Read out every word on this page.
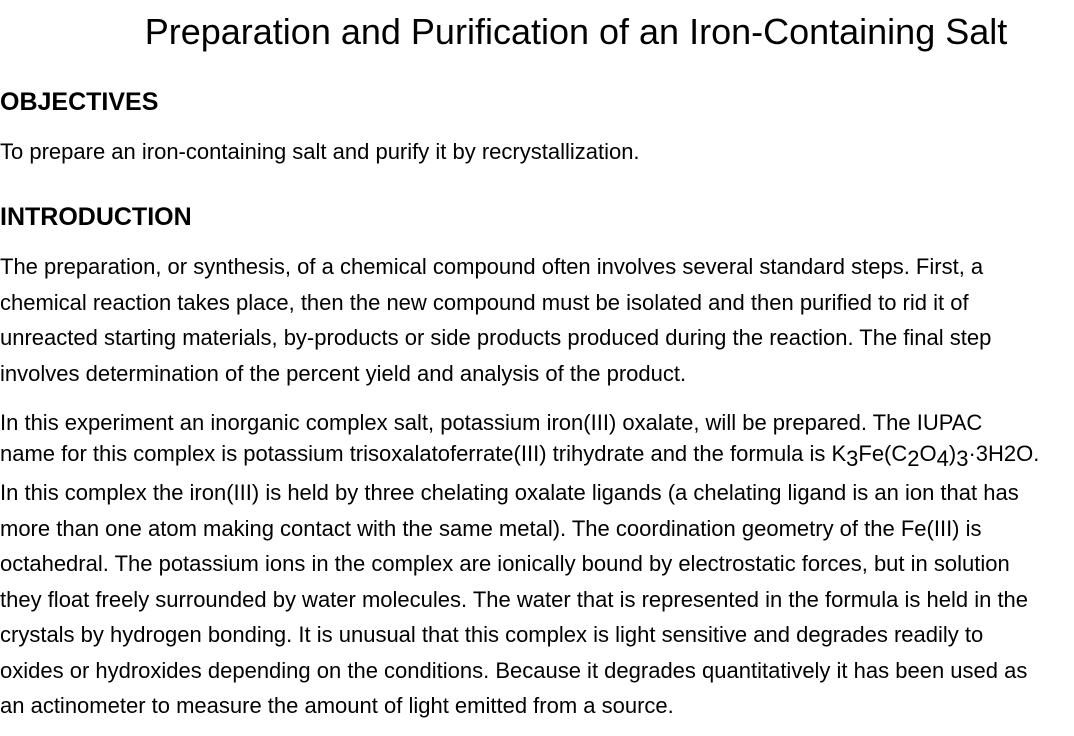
Preparation and Purification of an Iron-Containing Salt
OBJECTIVES
To prepare an iron-containing salt and purify it by recrystallization.
INTRODUCTION
The preparation, or synthesis, of a chemical compound often involves several standard steps. First, a
chemical reaction takes place, then the new compound must be isolated and then purified to rid it of
unreacted starting materials, by-products or side products produced during the reaction. The final step
involves determination of the percent yield and analysis of the product.
In this experiment an inorganic complex salt, potassium iron(III) oxalate, will be prepared. The IUPAC
name for this complex is potassium trisoxalatoferrate(III) trihydrate and the formula is K3Fe(C2O4)3·3H2O.
In this complex the iron(III) is held by three chelating oxalate ligands (a chelating ligand is an ion that has
more than one atom making contact with the same metal). The coordination geometry of the Fe(III) is
octahedral. The potassium ions in the complex are ionically bound by electrostatic forces, but in solution
they float freely surrounded by water molecules. The water that is represented in the formula is held in the
crystals by hydrogen bonding. It is unusual that this complex is light sensitive and degrades readily to
oxides or hydroxides depending on the conditions. Because it degrades quantitatively it has been used as
an actinometer to measure the amount of light emitted from a source.
